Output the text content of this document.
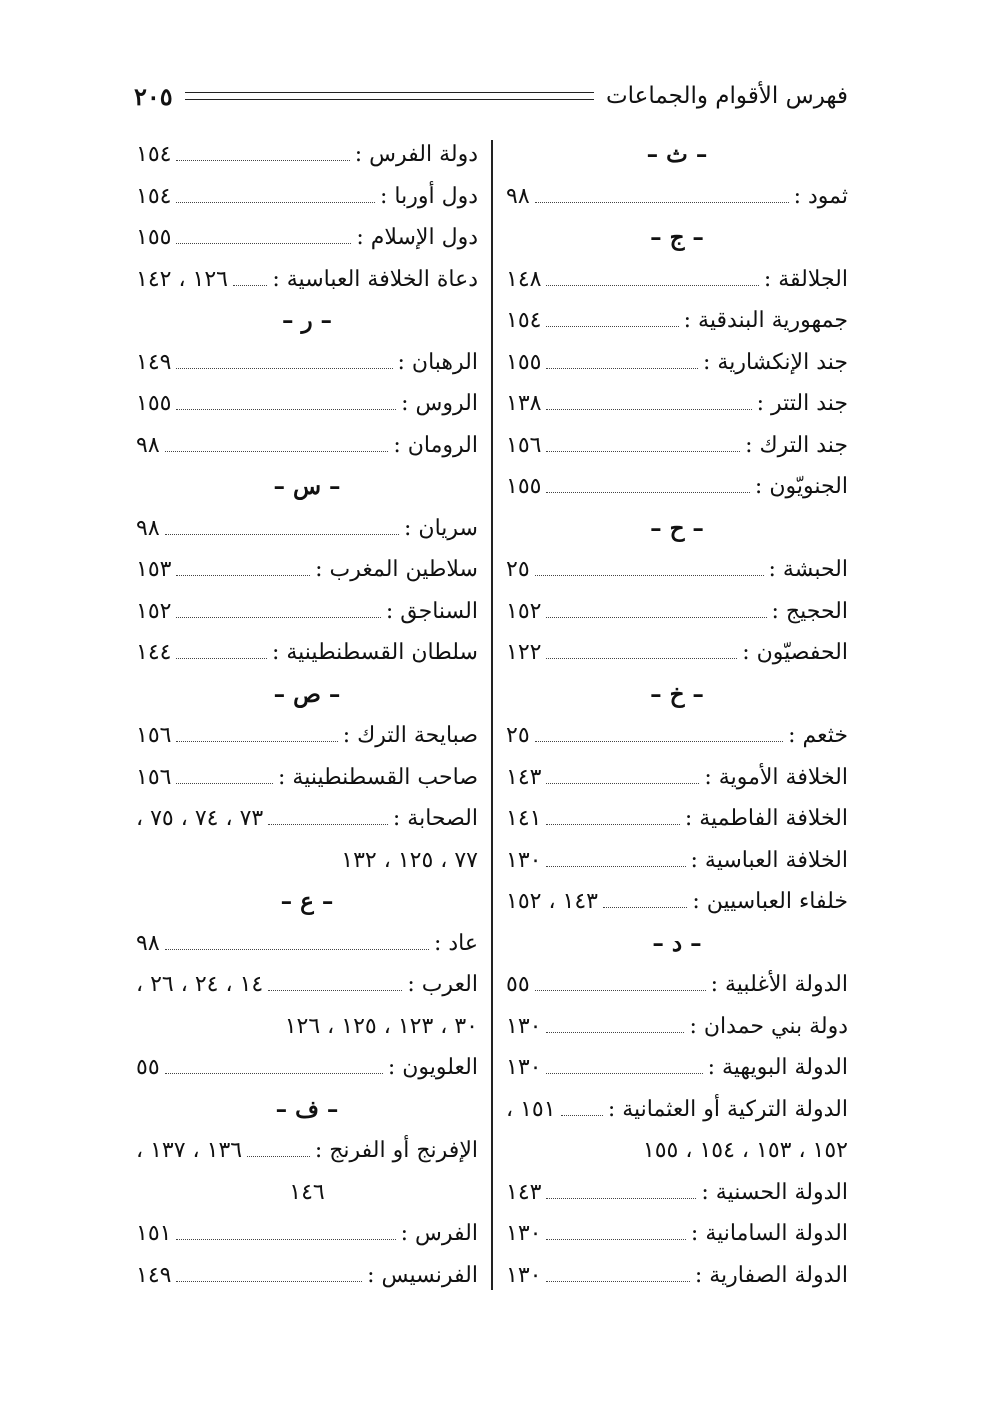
فهرس الأقوام والجماعات
٢٠٥
– ث –
ثمود :
٩٨
– ج –
الجلالقة :
١٤٨
جمهورية البندقية :
١٥٤
جند الإنكشارية :
١٥٥
جند التتر :
١٣٨
جند الترك :
١٥٦
الجنويّون :
١٥٥
– ح –
الحبشة :
٢٥
الحجيج :
١٥٢
الحفصيّون :
١٢٢
– خ –
خثعم :
٢٥
الخلافة الأموية :
١٤٣
الخلافة الفاطمية :
١٤١
الخلافة العباسية :
١٣٠
خلفاء العباسيين :
١٤٣ ، ١٥٢
– د –
الدولة الأغلبية :
٥٥
دولة بني حمدان :
١٣٠
الدولة البويهية :
١٣٠
الدولة التركية أو العثمانية :
١٥١ ،
١٥٢ ، ١٥٣ ، ١٥٤ ، ١٥٥
الدولة الحسنية :
١٤٣
الدولة السامانية :
١٣٠
الدولة الصفارية :
١٣٠
دولة الفرس :
١٥٤
دول أوربا :
١٥٤
دول الإسلام :
١٥٥
دعاة الخلافة العباسية :
١٢٦ ، ١٤٢
– ر –
الرهبان :
١٤٩
الروس :
١٥٥
الرومان :
٩٨
– س –
سريان :
٩٨
سلاطين المغرب :
١٥٣
السناجق :
١٥٢
سلطان القسطنطينية :
١٤٤
– ص –
صبايحة الترك :
١٥٦
صاحب القسطنطينية :
١٥٦
الصحابة :
٧٣ ، ٧٤ ، ٧٥ ،
٧٧ ، ١٢٥ ، ١٣٢
– ع –
عاد :
٩٨
العرب :
١٤ ، ٢٤ ، ٢٦ ،
٣٠ ، ١٢٣ ، ١٢٥ ، ١٢٦
العلويون :
٥٥
– ف –
الإفرنج أو الفرنج :
١٣٦ ، ١٣٧ ،
١٤٦
الفرس :
١٥١
الفرنسيس :
١٤٩
